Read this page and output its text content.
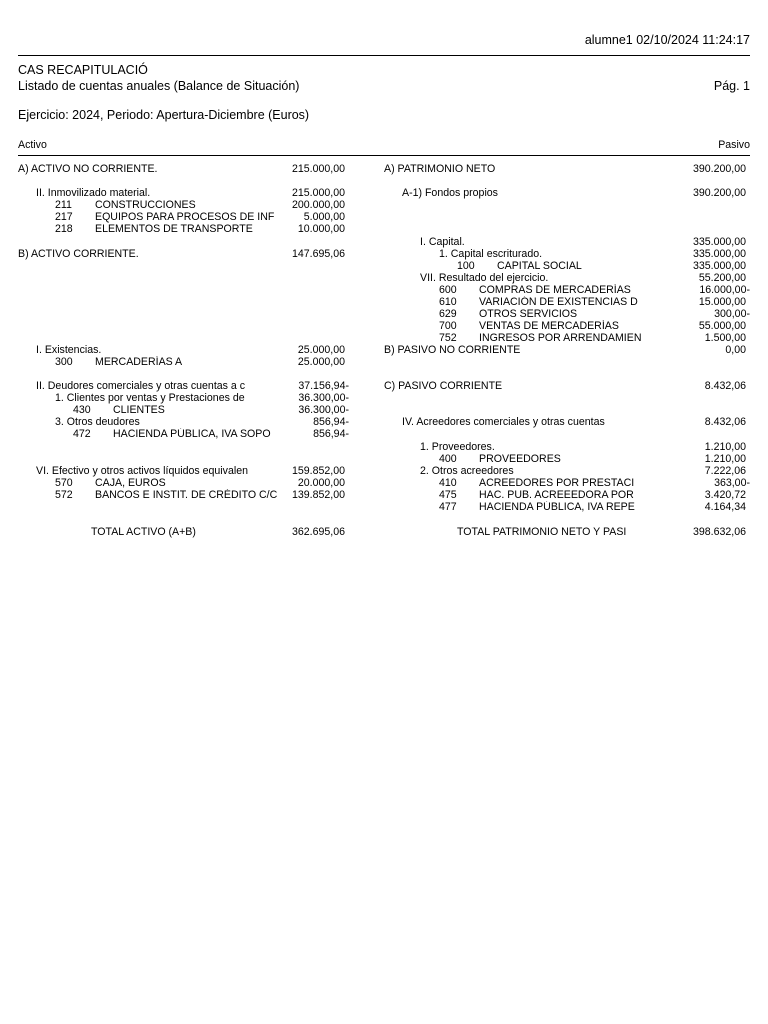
alumne1 02/10/2024 11:24:17
CAS RECAPITULACIÓ
Listado de cuentas anuales (Balance de Situación)	Pág. 1
Ejercicio: 2024, Periodo: Apertura-Diciembre (Euros)
Activo	Pasivo
A) ACTIVO NO CORRIENTE.	215.000,00
II. Inmovilizado material.	215.000,00
211 CONSTRUCCIONES	200.000,00
217 EQUIPOS PARA PROCESOS DE INF	5.000,00
218 ELEMENTOS DE TRANSPORTE	10.000,00
B) ACTIVO CORRIENTE.	147.695,06
I. Existencias.	25.000,00
300 MERCADERÍAS A	25.000,00
II. Deudores comerciales y otras cuentas a c	37.156,94-
1. Clientes por ventas y Prestaciones de	36.300,00-
430 CLIENTES	36.300,00-
3. Otros deudores	856,94-
472 HACIENDA PÚBLICA, IVA SOPO	856,94-
VI. Efectivo y otros activos líquidos equivalen	159.852,00
570 CAJA, EUROS	20.000,00
572 BANCOS E INSTIT. DE CRÉDITO C/C 139.852,00
A) PATRIMONIO NETO	390.200,00
A-1) Fondos propios	390.200,00
I. Capital.	335.000,00
1. Capital escriturado.	335.000,00
100 CAPITAL SOCIAL	335.000,00
VII. Resultado del ejercicio.	55.200,00
600 COMPRAS DE MERCADERÍAS	16.000,00-
610 VARIACIÓN DE EXISTENCIAS D	15.000,00
629 OTROS SERVICIOS	300,00-
700 VENTAS DE MERCADERÍAS	55.000,00
752 INGRESOS POR ARRENDAMIEN	1.500,00
B) PASIVO NO CORRIENTE	0,00
C) PASIVO CORRIENTE	8.432,06
IV. Acreedores comerciales y otras cuentas	8.432,06
1. Proveedores.	1.210,00
400 PROVEEDORES	1.210,00
2. Otros acreedores	7.222,06
410 ACREEDORES POR PRESTACI	363,00-
475 HAC. PUB. ACREEEDORA POR	3.420,72
477 HACIENDA PÚBLICA, IVA REPE	4.164,34
TOTAL ACTIVO (A+B)	362.695,06	TOTAL PATRIMONIO NETO Y PASI	398.632,06
